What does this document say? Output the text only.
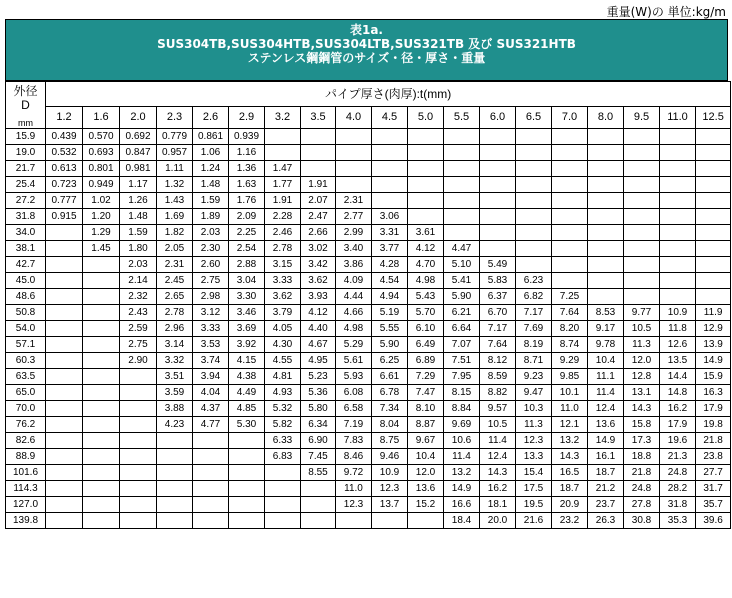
重量(W)の 単位:kg/m
表1a.
SUS304TB,SUS304HTB,SUS304LTB,SUS321TB 及び SUS321HTB
ステンレス鋼鋼管のサイズ・径・厚さ・重量
外径
D
mm	パイプ厚さ(肉厚):t(mm)																		
	1.2	1.6	2.0	2.3	2.6	2.9	3.2	3.5	4.0	4.5	5.0	5.5	6.0	6.5	7.0	8.0	9.5	11.0	12.5
15.9	0.439	0.570	0.692	0.779	0.861	0.939													
19.0	0.532	0.693	0.847	0.957	1.06	1.16													
21.7	0.613	0.801	0.981	1.11	1.24	1.36	1.47												
25.4	0.723	0.949	1.17	1.32	1.48	1.63	1.77	1.91											
27.2	0.777	1.02	1.26	1.43	1.59	1.76	1.91	2.07	2.31										
31.8	0.915	1.20	1.48	1.69	1.89	2.09	2.28	2.47	2.77	3.06									
34.0		1.29	1.59	1.82	2.03	2.25	2.46	2.66	2.99	3.31	3.61								
38.1		1.45	1.80	2.05	2.30	2.54	2.78	3.02	3.40	3.77	4.12	4.47							
42.7			2.03	2.31	2.60	2.88	3.15	3.42	3.86	4.28	4.70	5.10	5.49						
45.0			2.14	2.45	2.75	3.04	3.33	3.62	4.09	4.54	4.98	5.41	5.83	6.23					
48.6			2.32	2.65	2.98	3.30	3.62	3.93	4.44	4.94	5.43	5.90	6.37	6.82	7.25				
50.8			2.43	2.78	3.12	3.46	3.79	4.12	4.66	5.19	5.70	6.21	6.70	7.17	7.64	8.53	9.77	10.9	11.9
54.0			2.59	2.96	3.33	3.69	4.05	4.40	4.98	5.55	6.10	6.64	7.17	7.69	8.20	9.17	10.5	11.8	12.9
57.1			2.75	3.14	3.53	3.92	4.30	4.67	5.29	5.90	6.49	7.07	7.64	8.19	8.74	9.78	11.3	12.6	13.9
60.3			2.90	3.32	3.74	4.15	4.55	4.95	5.61	6.25	6.89	7.51	8.12	8.71	9.29	10.4	12.0	13.5	14.9
63.5				3.51	3.94	4.38	4.81	5.23	5.93	6.61	7.29	7.95	8.59	9.23	9.85	11.1	12.8	14.4	15.9
65.0				3.59	4.04	4.49	4.93	5.36	6.08	6.78	7.47	8.15	8.82	9.47	10.1	11.4	13.1	14.8	16.3
70.0				3.88	4.37	4.85	5.32	5.80	6.58	7.34	8.10	8.84	9.57	10.3	11.0	12.4	14.3	16.2	17.9
76.2				4.23	4.77	5.30	5.82	6.34	7.19	8.04	8.87	9.69	10.5	11.3	12.1	13.6	15.8	17.9	19.8
82.6							6.33	6.90	7.83	8.75	9.67	10.6	11.4	12.3	13.2	14.9	17.3	19.6	21.8
88.9							6.83	7.45	8.46	9.46	10.4	11.4	12.4	13.3	14.3	16.1	18.8	21.3	23.8
101.6								8.55	9.72	10.9	12.0	13.2	14.3	15.4	16.5	18.7	21.8	24.8	27.7
114.3									11.0	12.3	13.6	14.9	16.2	17.5	18.7	21.2	24.8	28.2	31.7
127.0									12.3	13.7	15.2	16.6	18.1	19.5	20.9	23.7	27.8	31.8	35.7
139.8												18.4	20.0	21.6	23.2	26.3	30.8	35.3	39.6
